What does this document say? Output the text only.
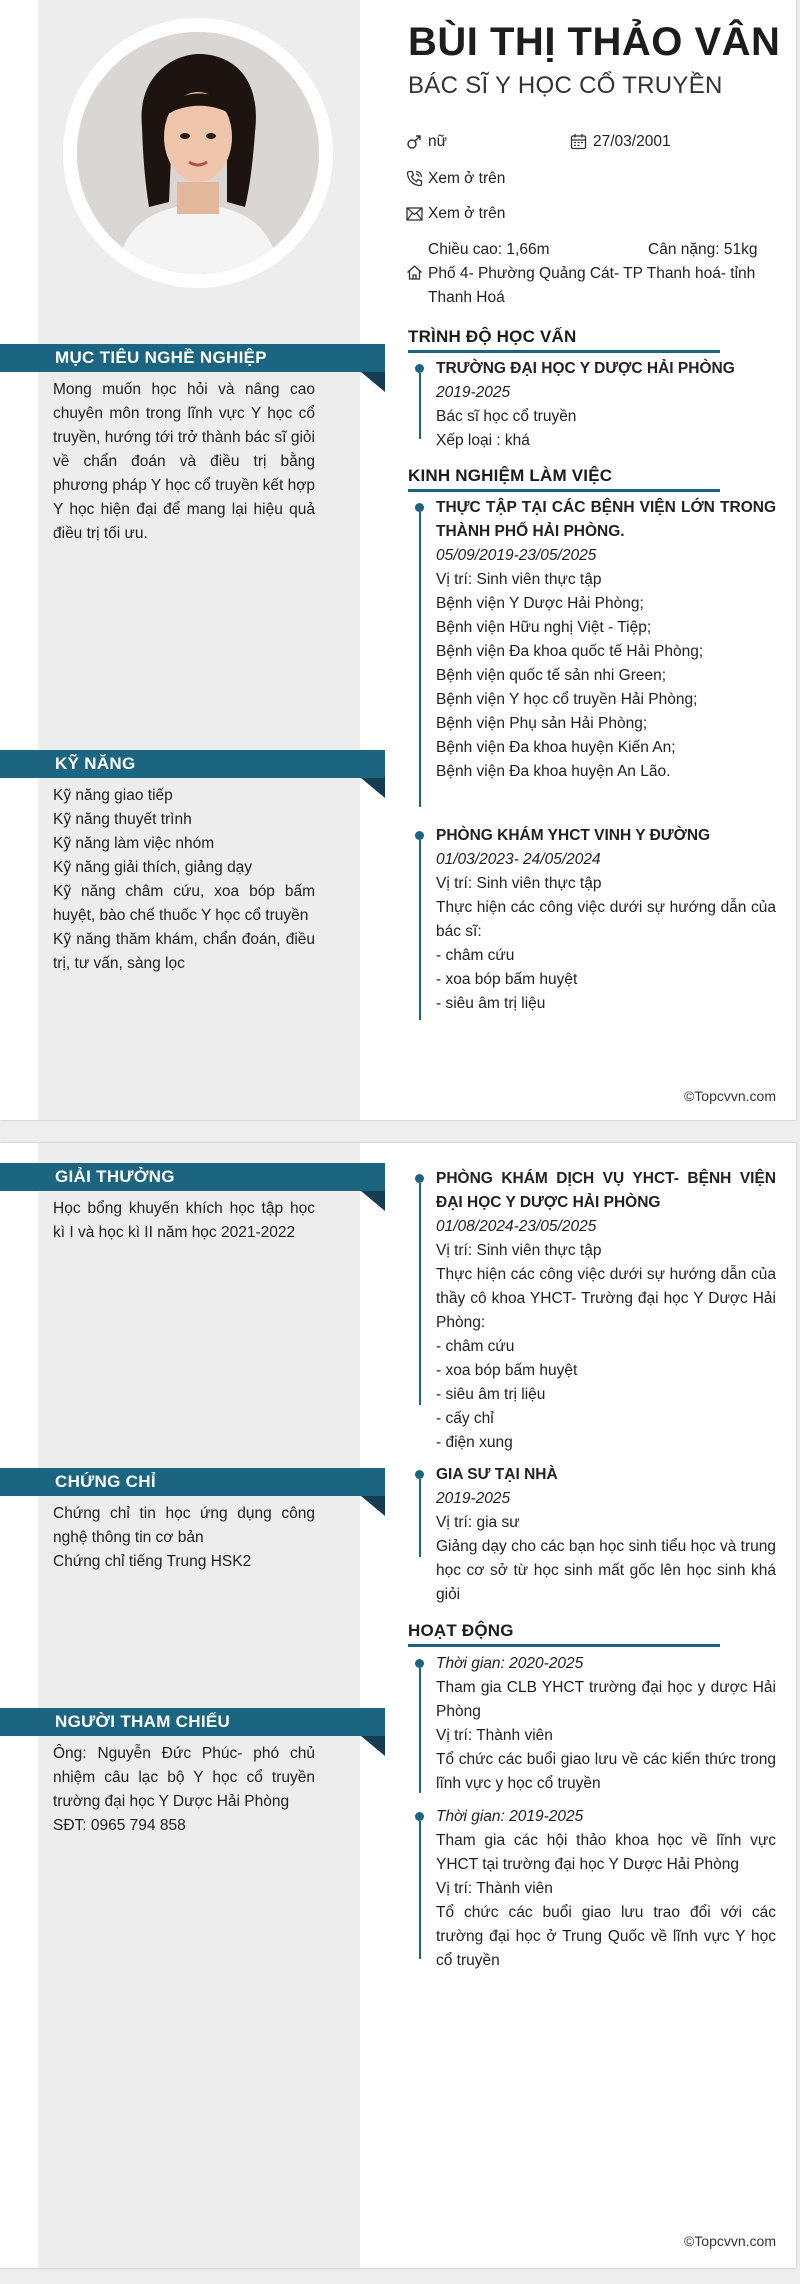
BÙI THỊ THẢO VÂN
BÁC SĨ Y HỌC CỔ TRUYỀN
nữ	27/03/2001
Xem ở trên
Xem ở trên
Chiều cao: 1,66m	Cân nặng: 51kg
Phố 4- Phường Quảng Cát- TP Thanh hoá- tỉnh Thanh Hoá
MỤC TIÊU NGHỀ NGHIỆP
Mong muốn học hỏi và nâng cao chuyên môn trong lĩnh vực Y học cổ truyền, hướng tới trở thành bác sĩ giỏi về chẩn đoán và điều trị bằng phương pháp Y học cổ truyền kết hợp Y học hiện đại để mang lại hiệu quả điều trị tối ưu.
KỸ NĂNG
Kỹ năng giao tiếp
Kỹ năng thuyết trình
Kỹ năng làm việc nhóm
Kỹ năng giải thích, giảng dạy
Kỹ năng châm cứu, xoa bóp bấm huyệt, bào chế thuốc Y học cổ truyền
Kỹ năng thăm khám, chẩn đoán, điều trị, tư vấn, sàng lọc
TRÌNH ĐỘ HỌC VẤN
TRƯỜNG ĐẠI HỌC Y DƯỢC HẢI PHÒNG
2019-2025
Bác sĩ học cổ truyền
Xếp loại : khá
KINH NGHIỆM LÀM VIỆC
THỰC TẬP TẠI CÁC BỆNH VIỆN LỚN TRONG THÀNH PHỐ HẢI PHÒNG.
05/09/2019-23/05/2025
Vị trí: Sinh viên thực tập
Bệnh viện Y Dược Hải Phòng;
Bệnh viện Hữu nghị Việt - Tiệp;
Bệnh viện Đa khoa quốc tế Hải Phòng;
Bệnh viện quốc tế sản nhi Green;
Bệnh viện Y học cổ truyền Hải Phòng;
Bệnh viện Phụ sản Hải Phòng;
Bệnh viện Đa khoa huyện Kiến An;
Bệnh viện Đa khoa huyện An Lão.
PHÒNG KHÁM YHCT VINH Y ĐƯỜNG
01/03/2023- 24/05/2024
Vị trí: Sinh viên thực tập
Thực hiện các công việc dưới sự hướng dẫn của bác sĩ:
- châm cứu
- xoa bóp bấm huyệt
- siêu âm trị liệu
©Topcvvn.com
GIẢI THƯỞNG
Học bổng khuyến khích học tập học kì I và học kì II năm học 2021-2022
CHỨNG CHỈ
Chứng chỉ tin học ứng dụng công nghệ thông tin cơ bản
Chứng chỉ tiếng Trung HSK2
NGƯỜI THAM CHIẾU
Ông: Nguyễn Đức Phúc- phó chủ nhiệm câu lạc bộ Y học cổ truyền trường đại học Y Dược Hải Phòng
SĐT: 0965 794 858
PHÒNG KHÁM DỊCH VỤ YHCT- BỆNH VIỆN ĐẠI HỌC Y DƯỢC HẢI PHÒNG
01/08/2024-23/05/2025
Vị trí: Sinh viên thực tập
Thực hiện các công việc dưới sự hướng dẫn của thầy cô khoa YHCT- Trường đại học Y Dược Hải Phòng:
- châm cứu
- xoa bóp bấm huyệt
- siêu âm trị liệu
- cấy chỉ
- điện xung
GIA SƯ TẠI NHÀ
2019-2025
Vị trí: gia sư
Giảng dạy cho các bạn học sinh tiểu học và trung học cơ sở từ học sinh mất gốc lên học sinh khá giỏi
HOẠT ĐỘNG
Thời gian: 2020-2025
Tham gia CLB YHCT trường đại học y dược Hải Phòng
Vị trí: Thành viên
Tổ chức các buổi giao lưu về các kiến thức trong lĩnh vực y học cổ truyền
Thời gian: 2019-2025
Tham gia các hội thảo khoa học về lĩnh vực YHCT tại trường đại học Y Dược Hải Phòng
Vị trí: Thành viên
Tổ chức các buổi giao lưu trao đổi với các trường đại học ở Trung Quốc về lĩnh vực Y học cổ truyền
©Topcvvn.com
